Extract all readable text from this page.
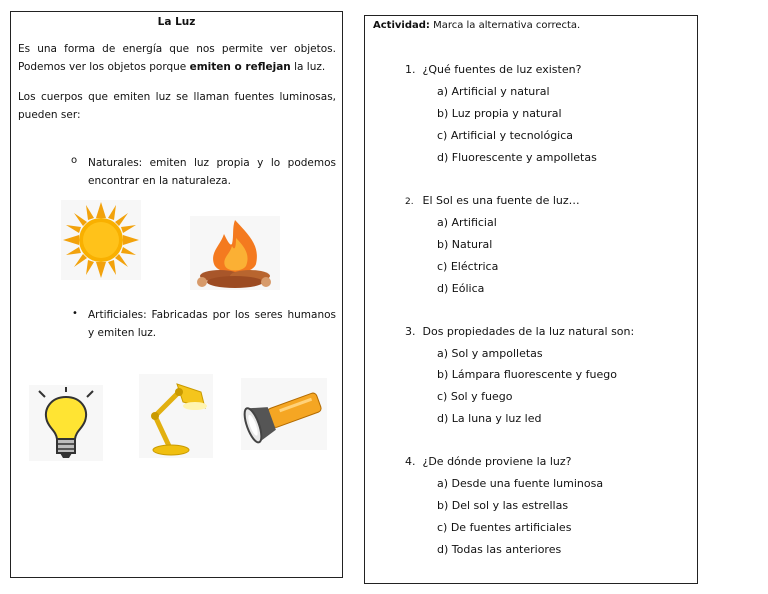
La Luz
Es una forma de energía que nos permite ver objetos. Podemos ver los objetos porque emiten o reflejan la luz.
Los cuerpos que emiten luz se llaman fuentes luminosas, pueden ser:
o Naturales: emiten luz propia y lo podemos encontrar en la naturaleza.
• Artificiales: Fabricadas por los seres humanos y emiten luz.
Actividad: Marca la alternativa correcta.
1. ¿Qué fuentes de luz existen?
a) Artificial y natural
b) Luz propia y natural
c) Artificial y tecnológica
d) Fluorescente y ampolletas
2. El Sol es una fuente de luz…
a) Artificial
b) Natural
c) Eléctrica
d) Eólica
3. Dos propiedades de la luz natural son:
a) Sol y ampolletas
b) Lámpara fluorescente y fuego
c) Sol y fuego
d) La luna y luz led
4. ¿De dónde proviene la luz?
a) Desde una fuente luminosa
b) Del sol y las estrellas
c) De fuentes artificiales
d) Todas las anteriores
